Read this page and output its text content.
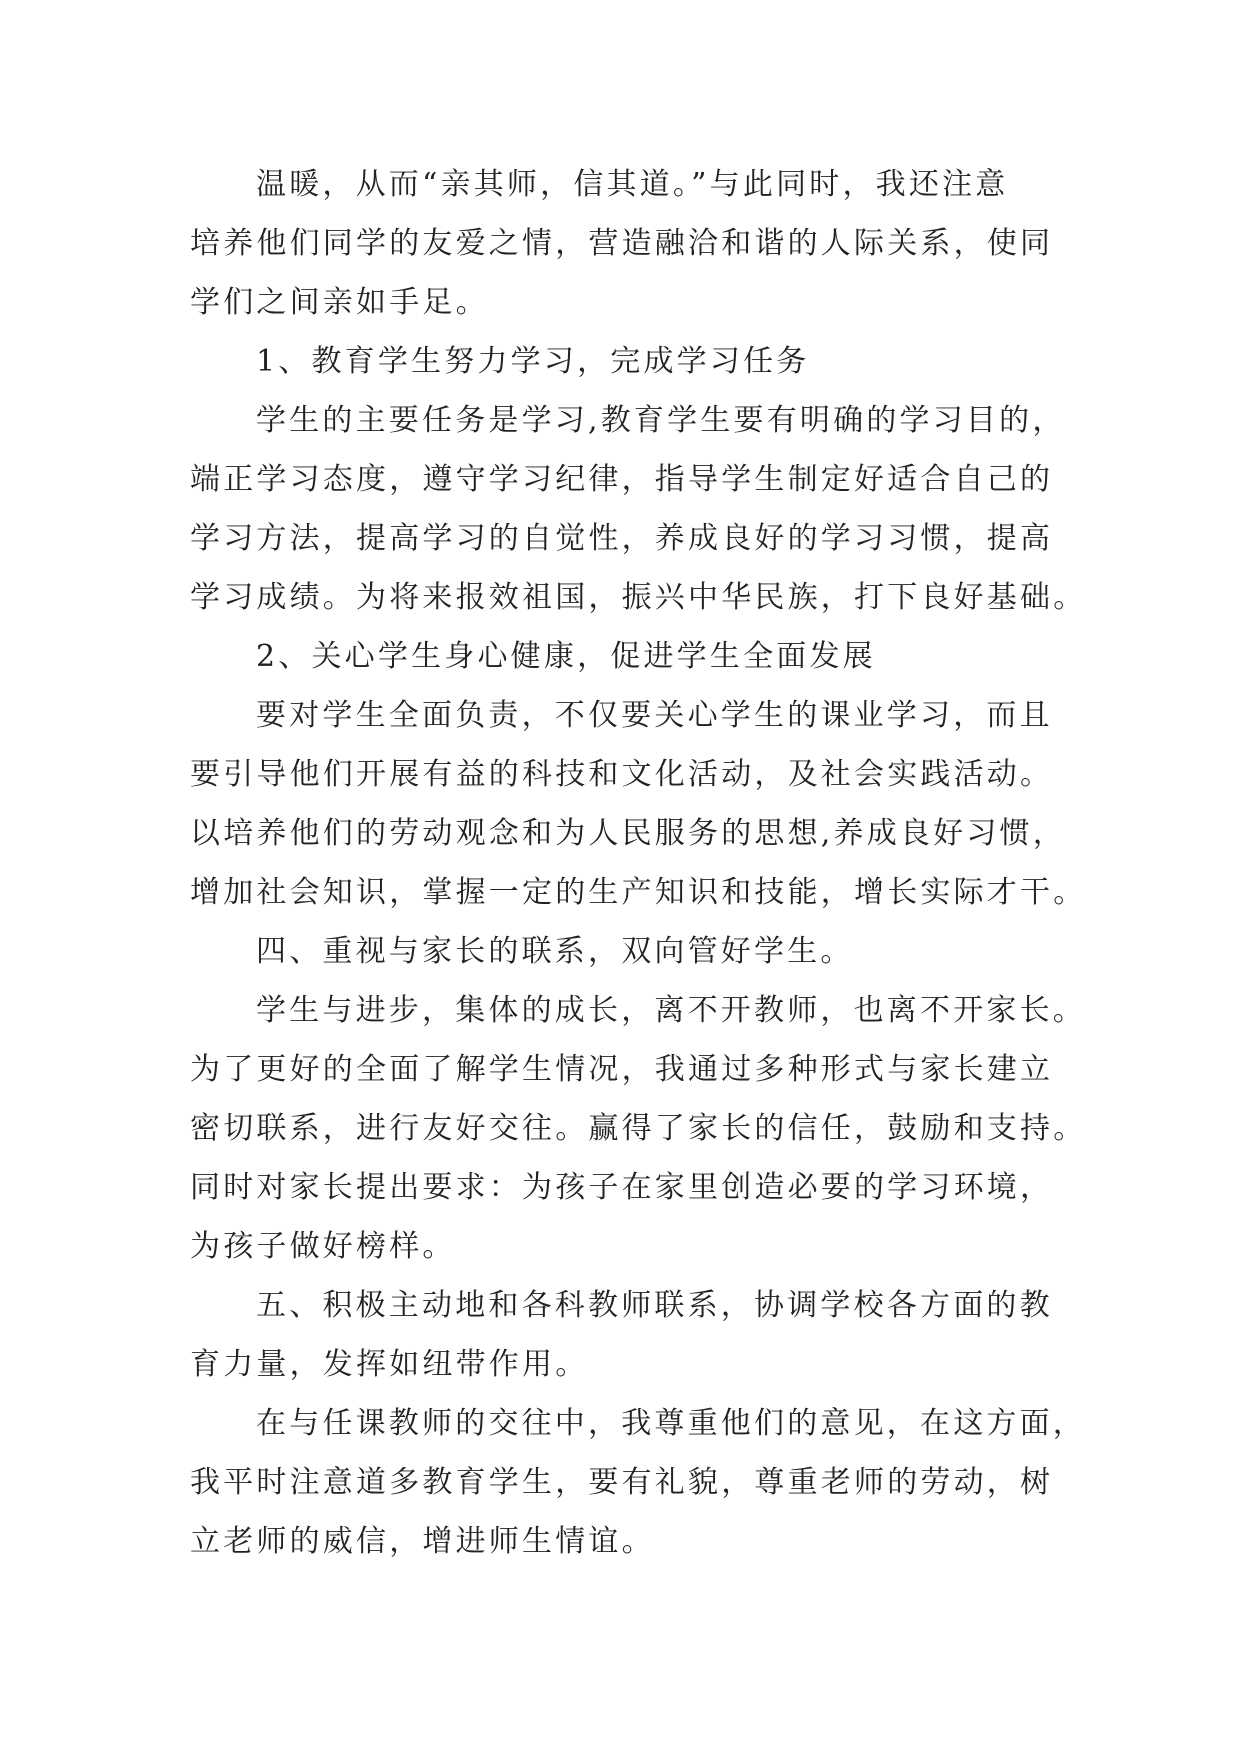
温暖，从而“亲其师，信其道。”与此同时，我还注意
培养他们同学的友爱之情，营造融洽和谐的人际关系，使同
学们之间亲如手足。
1、教育学生努力学习，完成学习任务
学生的主要任务是学习,教育学生要有明确的学习目的，
端正学习态度，遵守学习纪律，指导学生制定好适合自己的
学习方法，提高学习的自觉性，养成良好的学习习惯，提高
学习成绩。为将来报效祖国，振兴中华民族，打下良好基础。
2、关心学生身心健康，促进学生全面发展
要对学生全面负责，不仅要关心学生的课业学习，而且
要引导他们开展有益的科技和文化活动，及社会实践活动。
以培养他们的劳动观念和为人民服务的思想,养成良好习惯，
增加社会知识，掌握一定的生产知识和技能，增长实际才干。
四、重视与家长的联系，双向管好学生。
学生与进步，集体的成长，离不开教师，也离不开家长。
为了更好的全面了解学生情况，我通过多种形式与家长建立
密切联系，进行友好交往。赢得了家长的信任，鼓励和支持。
同时对家长提出要求：为孩子在家里创造必要的学习环境，
为孩子做好榜样。
五、积极主动地和各科教师联系，协调学校各方面的教
育力量，发挥如纽带作用。
在与任课教师的交往中，我尊重他们的意见，在这方面，
我平时注意道多教育学生，要有礼貌，尊重老师的劳动，树
立老师的威信，增进师生情谊。
